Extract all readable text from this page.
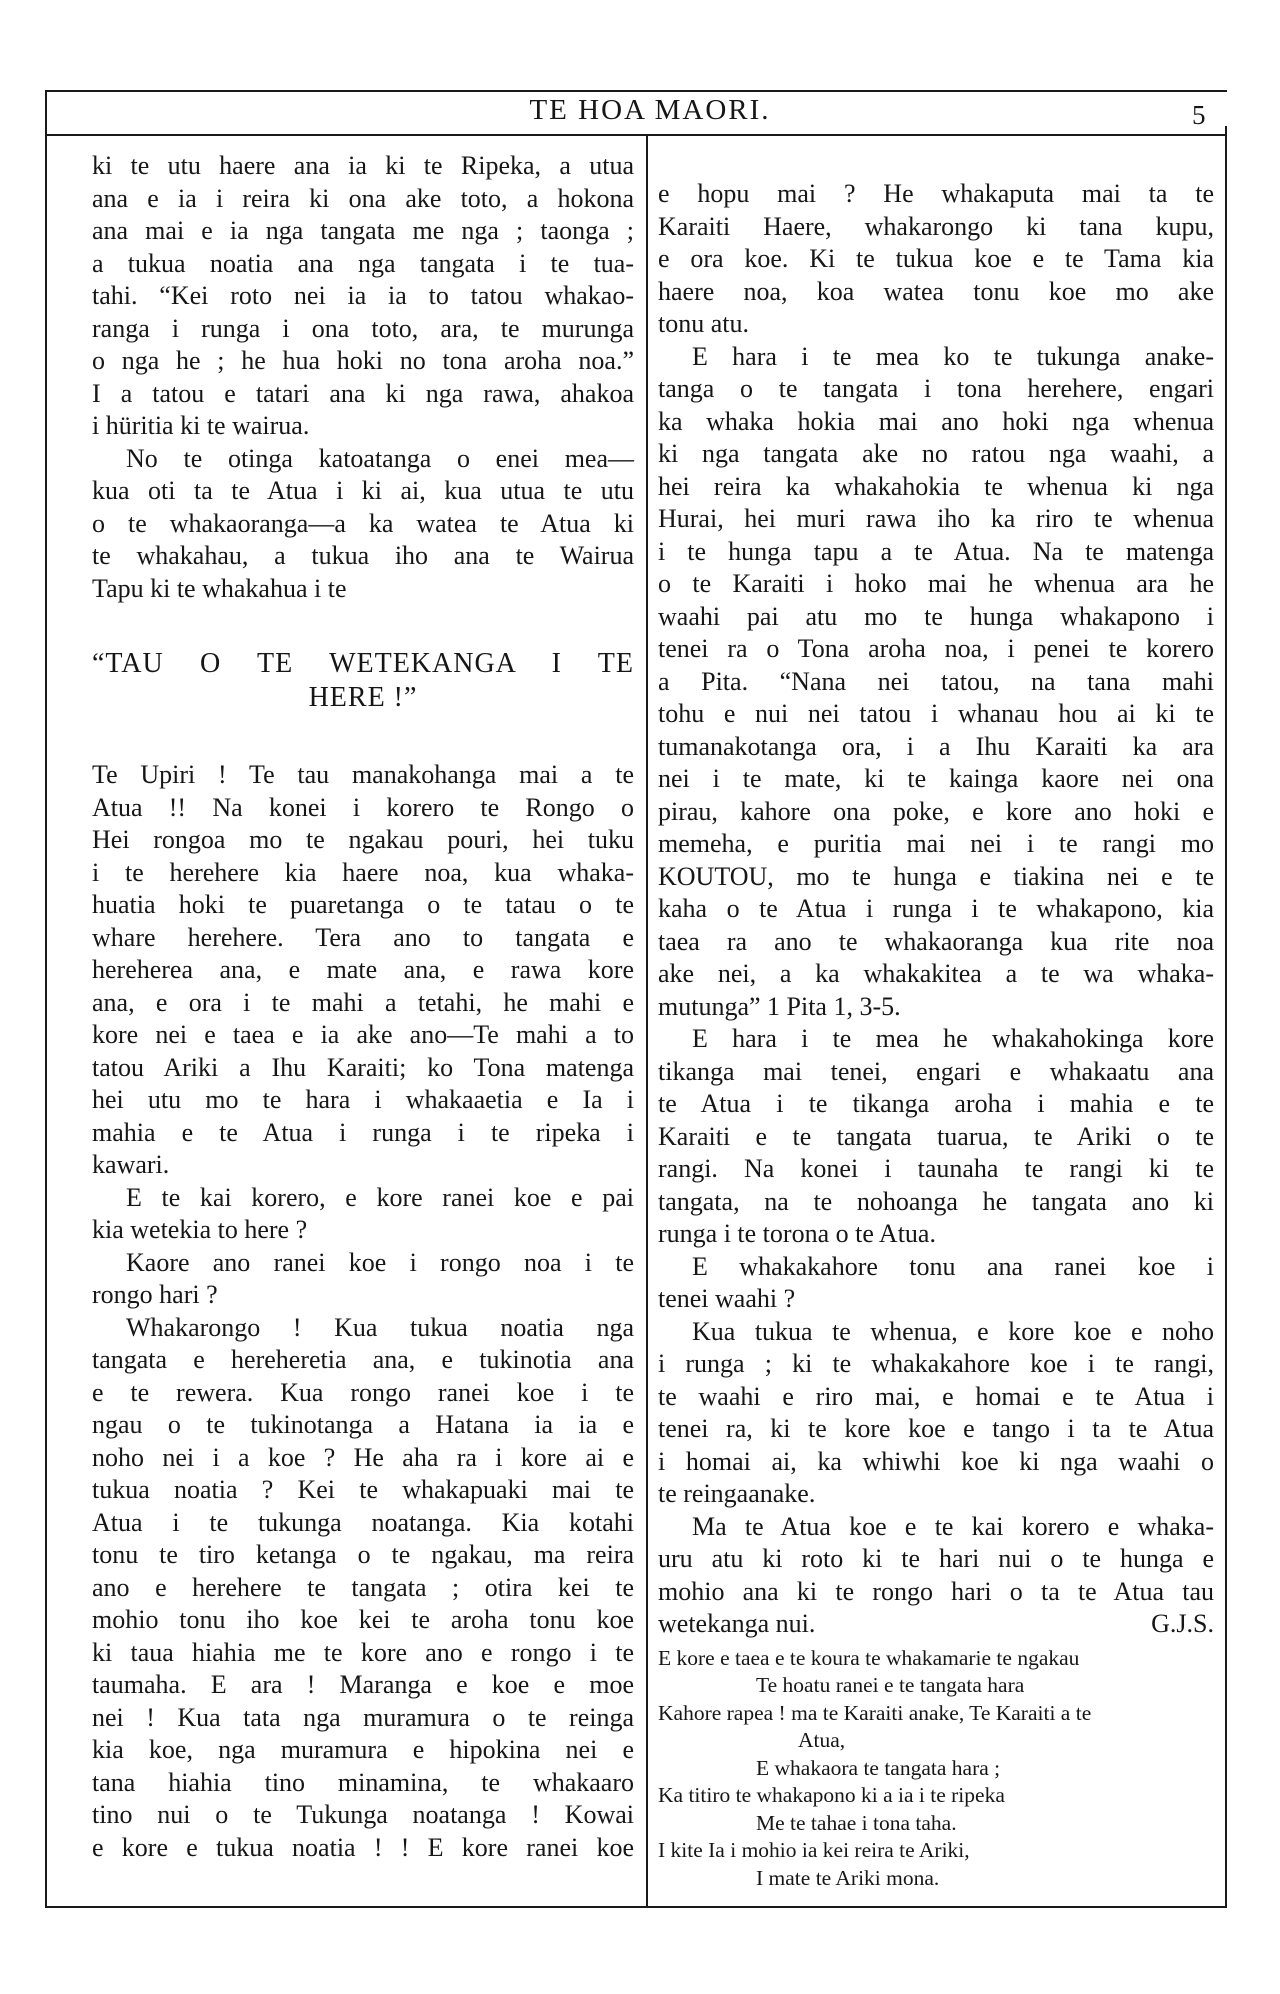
TE HOA MAORI.	5
ki te utu haere ana ia ki te Ripeka, a utua
ana e ia i reira ki ona ake toto, a hokona
ana mai e ia nga tangata me nga ; taonga ;
a tukua noatia ana nga tangata i te tua-
tahi. “Kei roto nei ia ia to tatou whakao-
ranga i runga i ona toto, ara, te murunga
o nga he ; he hua hoki no tona aroha noa.”
I a tatou e tatari ana ki nga rawa, ahakoa
i hüritia ki te wairua.
No te otinga katoatanga o enei mea—
kua oti ta te Atua i ki ai, kua utua te utu
o te whakaoranga—a ka watea te Atua ki
te whakahau, a tukua iho ana te Wairua
Tapu ki te whakahua i te
“TAU O TE WETEKANGA I TE
HERE !”
Te Upiri ! Te tau manakohanga mai a te
Atua !! Na konei i korero te Rongo o
Hei rongoa mo te ngakau pouri, hei tuku
i te herehere kia haere noa, kua whaka-
huatia hoki te puaretanga o te tatau o te
whare herehere. Tera ano to tangata e
hereherea ana, e mate ana, e rawa kore
ana, e ora i te mahi a tetahi, he mahi e
kore nei e taea e ia ake ano—Te mahi a to
tatou Ariki a Ihu Karaiti; ko Tona matenga
hei utu mo te hara i whakaaetia e Ia i
mahia e te Atua i runga i te ripeka i
kawari.
E te kai korero, e kore ranei koe e pai
kia wetekia to here ?
Kaore ano ranei koe i rongo noa i te
rongo hari ?
Whakarongo ! Kua tukua noatia nga
tangata e hereheretia ana, e tukinotia ana
e te rewera. Kua rongo ranei koe i te
ngau o te tukinotanga a Hatana ia ia e
noho nei i a koe ? He aha ra i kore ai e
tukua noatia ? Kei te whakapuaki mai te
Atua i te tukunga noatanga. Kia kotahi
tonu te tiro ketanga o te ngakau, ma reira
ano e herehere te tangata ; otira kei te
mohio tonu iho koe kei te aroha tonu koe
ki taua hiahia me te kore ano e rongo i te
taumaha. E ara ! Maranga e koe e moe
nei ! Kua tata nga muramura o te reinga
kia koe, nga muramura e hipokina nei e
tana hiahia tino minamina, te whakaaro
tino nui o te Tukunga noatanga ! Kowai
e kore e tukua noatia ! ! E kore ranei koe
e hopu mai ? He whakaputa mai ta te
Karaiti Haere, whakarongo ki tana kupu,
e ora koe. Ki te tukua koe e te Tama kia
haere noa, koa watea tonu koe mo ake
tonu atu.
E hara i te mea ko te tukunga anake-
tanga o te tangata i tona herehere, engari
ka whaka hokia mai ano hoki nga whenua
ki nga tangata ake no ratou nga waahi, a
hei reira ka whakahokia te whenua ki nga
Hurai, hei muri rawa iho ka riro te whenua
i te hunga tapu a te Atua. Na te matenga
o te Karaiti i hoko mai he whenua ara he
waahi pai atu mo te hunga whakapono i
tenei ra o Tona aroha noa, i penei te korero
a Pita. “Nana nei tatou, na tana mahi
tohu e nui nei tatou i whanau hou ai ki te
tumanakotanga ora, i a Ihu Karaiti ka ara
nei i te mate, ki te kainga kaore nei ona
pirau, kahore ona poke, e kore ano hoki e
memeha, e puritia mai nei i te rangi mo
KOUTOU, mo te hunga e tiakina nei e te
kaha o te Atua i runga i te whakapono, kia
taea ra ano te whakaoranga kua rite noa
ake nei, a ka whakakitea a te wa whaka-
mutunga” 1 Pita 1, 3-5.
E hara i te mea he whakahokinga kore
tikanga mai tenei, engari e whakaatu ana
te Atua i te tikanga aroha i mahia e te
Karaiti e te tangata tuarua, te Ariki o te
rangi. Na konei i taunaha te rangi ki te
tangata, na te nohoanga he tangata ano ki
runga i te torona o te Atua.
E whakakahore tonu ana ranei koe i
tenei waahi ?
Kua tukua te whenua, e kore koe e noho
i runga ; ki te whakakahore koe i te rangi,
te waahi e riro mai, e homai e te Atua i
tenei ra, ki te kore koe e tango i ta te Atua
i homai ai, ka whiwhi koe ki nga waahi o
te reingaanake.
Ma te Atua koe e te kai korero e whaka-
uru atu ki roto ki te hari nui o te hunga e
mohio ana ki te rongo hari o ta te Atua tau
wetekanga nui.	G.J.S.
E kore e taea e te koura te whakamarie te ngakau
Te hoatu ranei e te tangata hara
Kahore rapea ! ma te Karaiti anake, Te Karaiti a te
Atua,
E whakaora te tangata hara ;
Ka titiro te whakapono ki a ia i te ripeka
Me te tahae i tona taha.
I kite Ia i mohio ia kei reira te Ariki,
I mate te Ariki mona.
